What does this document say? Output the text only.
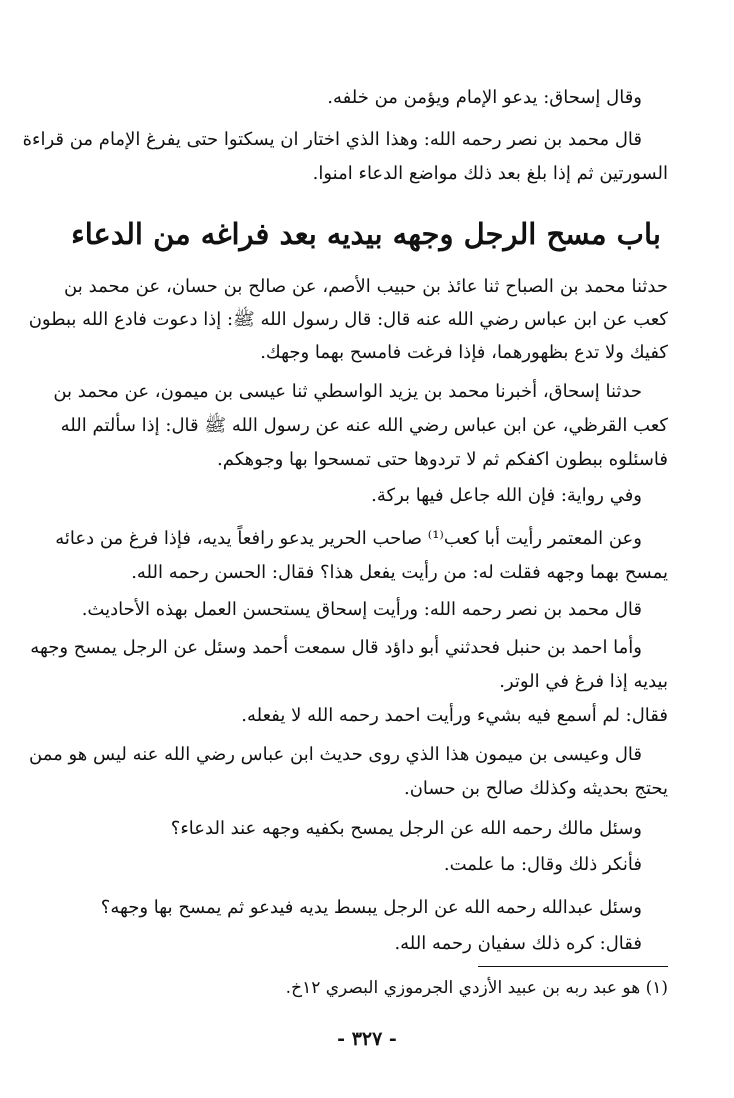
وقال إسحاق: يدعو الإمام ويؤمن من خلفه.
قال محمد بن نصر رحمه الله: وهذا الذي اختار ان يسكتوا حتى يفرغ الإمام من قراءة
السورتين ثم إذا بلغ بعد ذلك مواضع الدعاء امنوا.
باب مسح الرجل وجهه بيديه بعد فراغه من الدعاء
حدثنا محمد بن الصباح ثنا عائذ بن حبيب الأصم، عن صالح بن حسان، عن محمد بن
كعب عن ابن عباس رضي الله عنه قال: قال رسول الله ﷺ: إذا دعوت فادع الله ببطون
كفيك ولا تدع بظهورهما، فإذا فرغت فامسح بهما وجهك.
حدثنا إسحاق، أخبرنا محمد بن يزيد الواسطي ثنا عيسى بن ميمون، عن محمد بن
كعب القرظي، عن ابن عباس رضي الله عنه عن رسول الله ﷺ قال: إذا سألتم الله
فاسئلوه ببطون اكفكم ثم لا تردوها حتى تمسحوا بها وجوهكم.
وفي رواية: فإن الله جاعل فيها بركة.
وعن المعتمر رأيت أبا كعب⁽¹⁾ صاحب الحرير يدعو رافعاً يديه، فإذا فرغ من دعائه
يمسح بهما وجهه فقلت له: من رأيت يفعل هذا؟ فقال: الحسن رحمه الله.
قال محمد بن نصر رحمه الله: ورأيت إسحاق يستحسن العمل بهذه الأحاديث.
وأما احمد بن حنبل فحدثني أبو داؤد قال سمعت أحمد وسئل عن الرجل يمسح وجهه
بيديه إذا فرغ في الوتر.
فقال: لم أسمع فيه بشيء ورأيت احمد رحمه الله لا يفعله.
قال وعيسى بن ميمون هذا الذي روى حديث ابن عباس رضي الله عنه ليس هو ممن
يحتج بحديثه وكذلك صالح بن حسان.
وسئل مالك رحمه الله عن الرجل يمسح بكفيه وجهه عند الدعاء؟
فأنكر ذلك وقال: ما علمت.
وسئل عبدالله رحمه الله عن الرجل يبسط يديه فيدعو ثم يمسح بها وجهه؟
فقال: كره ذلك سفيان رحمه الله.
(١) هو عبد ربه بن عبيد الأزدي الجرموزي البصري ١٢خ.
- ٣٢٧ -
